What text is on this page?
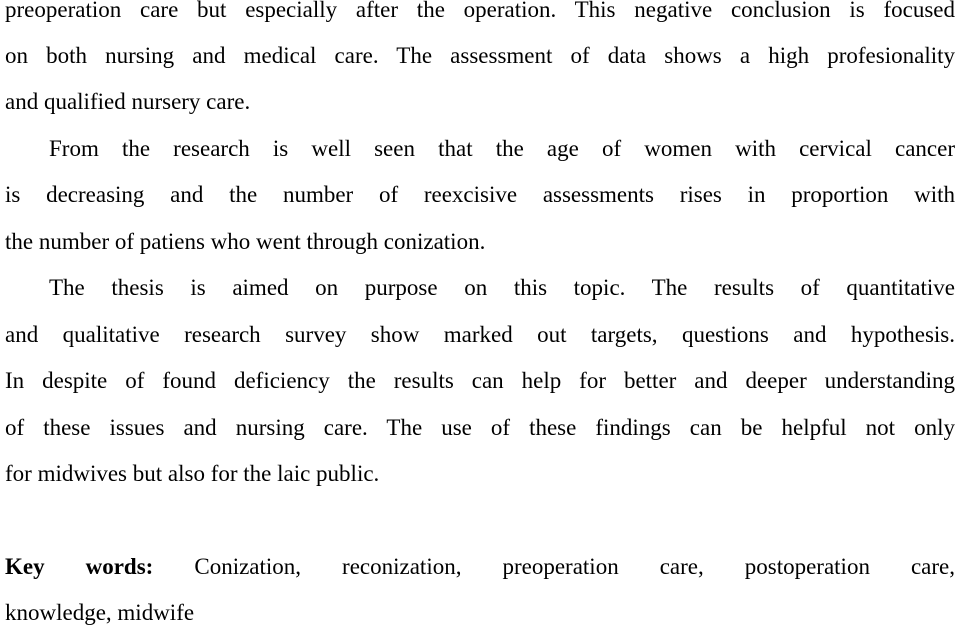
preoperation care but especially after the operation. This negative conclusion is focused
on both nursing and medical care. The assessment of data shows a high profesionality
and qualified nursery care.
From the research is well seen that the age of women with cervical cancer
is decreasing and the number of reexcisive assessments rises in proportion with
the number of patiens who went through conization.
The thesis is aimed on purpose on this topic. The results of quantitative
and qualitative research survey show marked out targets, questions and hypothesis.
In despite of found deficiency the results can help for better and deeper understanding
of these issues and nursing care. The use of these findings can be helpful not only
for midwives but also for the laic public.
Key words: Conization, reconization, preoperation care, postoperation care,
knowledge, midwife
